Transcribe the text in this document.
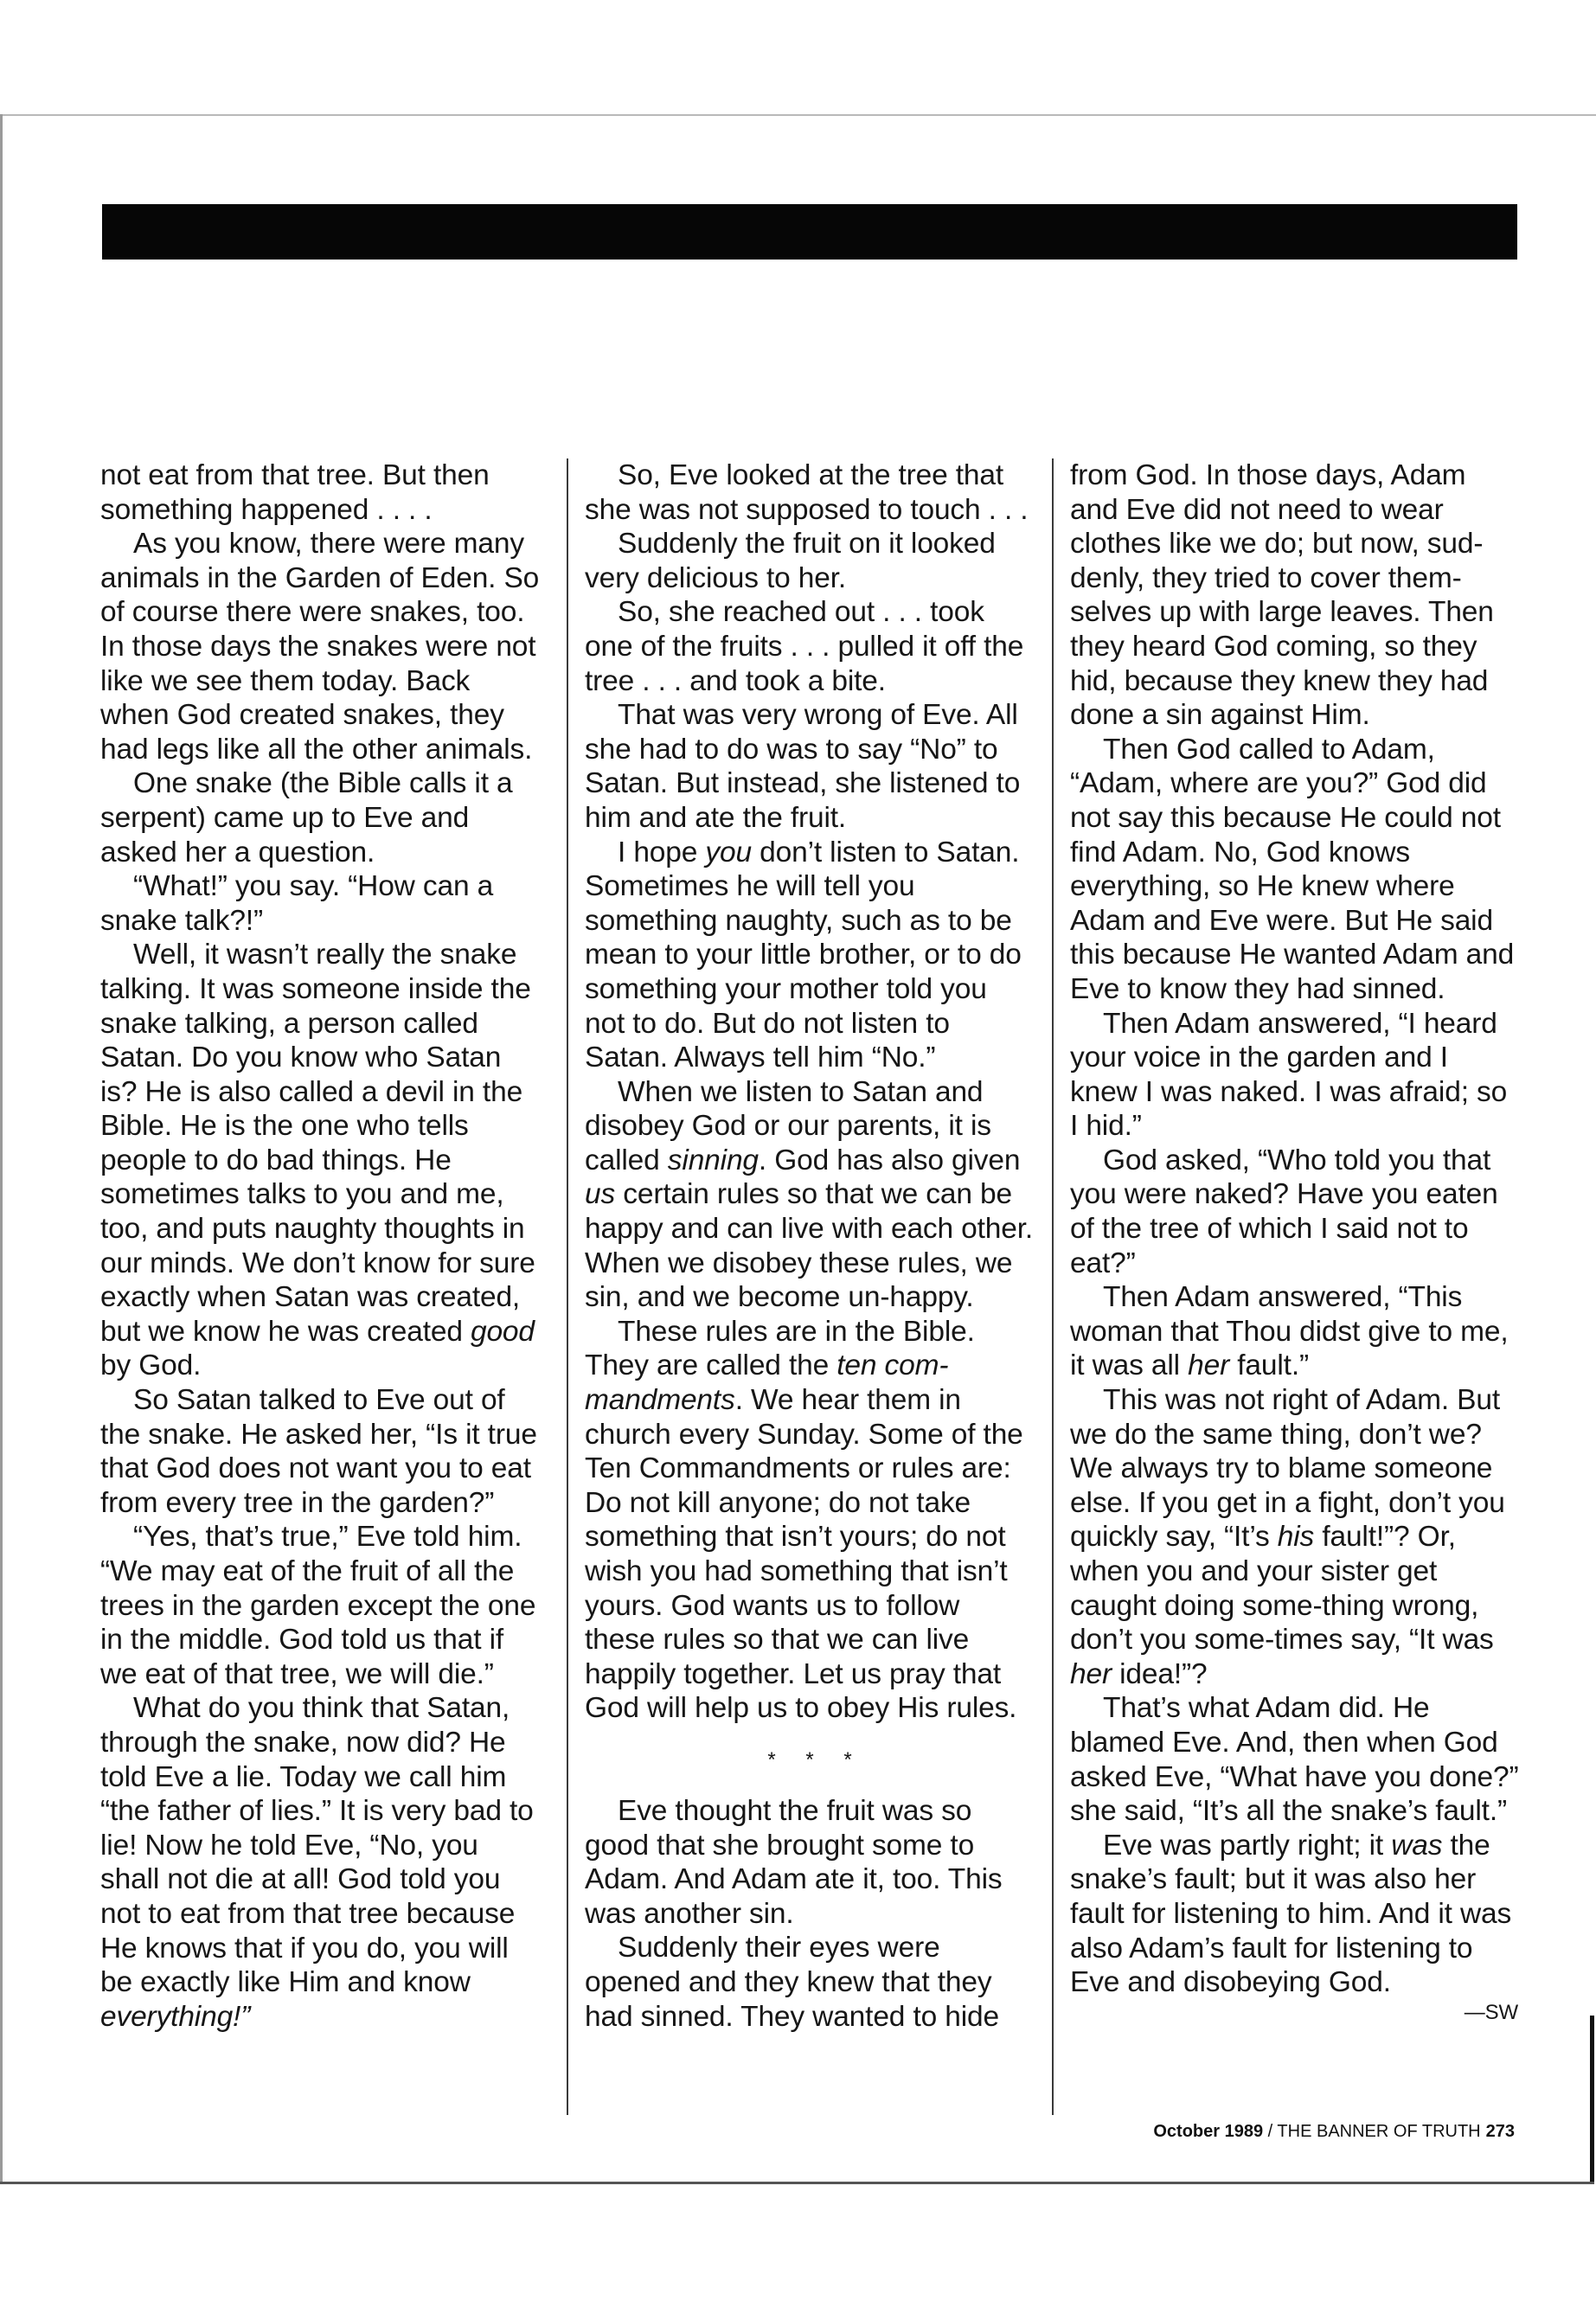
not eat from that tree. But then something happened . . . .

As you know, there were many animals in the Garden of Eden. So of course there were snakes, too. In those days the snakes were not like we see them today. Back when God created snakes, they had legs like all the other animals.

One snake (the Bible calls it a serpent) came up to Eve and asked her a question.

“What!” you say. “How can a snake talk?!”

Well, it wasn’t really the snake talking. It was someone inside the snake talking, a person called Satan. Do you know who Satan is? He is also called a devil in the Bible. He is the one who tells people to do bad things. He sometimes talks to you and me, too, and puts naughty thoughts in our minds. We don’t know for sure exactly when Satan was created, but we know he was created good by God.

So Satan talked to Eve out of the snake. He asked her, “Is it true that God does not want you to eat from every tree in the garden?”

“Yes, that’s true,” Eve told him. “We may eat of the fruit of all the trees in the garden except the one in the middle. God told us that if we eat of that tree, we will die.”

What do you think that Satan, through the snake, now did? He told Eve a lie. Today we call him “the father of lies.” It is very bad to lie! Now he told Eve, “No, you shall not die at all! God told you not to eat from that tree because He knows that if you do, you will be exactly like Him and know everything!”

So, Eve looked at the tree that she was not supposed to touch . . .

Suddenly the fruit on it looked very delicious to her.

So, she reached out . . . took one of the fruits . . . pulled it off the tree . . . and took a bite.

That was very wrong of Eve. All she had to do was to say “No” to Satan. But instead, she listened to him and ate the fruit.

I hope you don’t listen to Satan. Sometimes he will tell you something naughty, such as to be mean to your little brother, or to do something your mother told you not to do. But do not listen to Satan. Always tell him “No.”

When we listen to Satan and disobey God or our parents, it is called sinning. God has also given us certain rules so that we can be happy and can live with each other. When we disobey these rules, we sin, and we become un-happy.

These rules are in the Bible. They are called the ten com-mandments. We hear them in church every Sunday. Some of the Ten Commandments or rules are: Do not kill anyone; do not take something that isn’t yours; do not wish you had something that isn’t yours. God wants us to follow these rules so that we can live happily together. Let us pray that God will help us to obey His rules.

* * *

Eve thought the fruit was so good that she brought some to Adam. And Adam ate it, too. This was another sin.

Suddenly their eyes were opened and they knew that they had sinned. They wanted to hide

from God. In those days, Adam and Eve did not need to wear clothes like we do; but now, sud-denly, they tried to cover them-selves up with large leaves. Then they heard God coming, so they hid, because they knew they had done a sin against Him.

Then God called to Adam, “Adam, where are you?” God did not say this because He could not find Adam. No, God knows everything, so He knew where Adam and Eve were. But He said this because He wanted Adam and Eve to know they had sinned.

Then Adam answered, “I heard your voice in the garden and I knew I was naked. I was afraid; so I hid.”

God asked, “Who told you that you were naked? Have you eaten of the tree of which I said not to eat?”

Then Adam answered, “This woman that Thou didst give to me, it was all her fault.”

This was not right of Adam. But we do the same thing, don’t we? We always try to blame someone else. If you get in a fight, don’t you quickly say, “It’s his fault!”? Or, when you and your sister get caught doing some-thing wrong, don’t you some-times say, “It was her idea!”?

That’s what Adam did. He blamed Eve. And, then when God asked Eve, “What have you done?” she said, “It’s all the snake’s fault.”

Eve was partly right; it was the snake’s fault; but it was also her fault for listening to him. And it was also Adam’s fault for listening to Eve and disobeying God.

—SW
October 1989 / THE BANNER OF TRUTH 273
